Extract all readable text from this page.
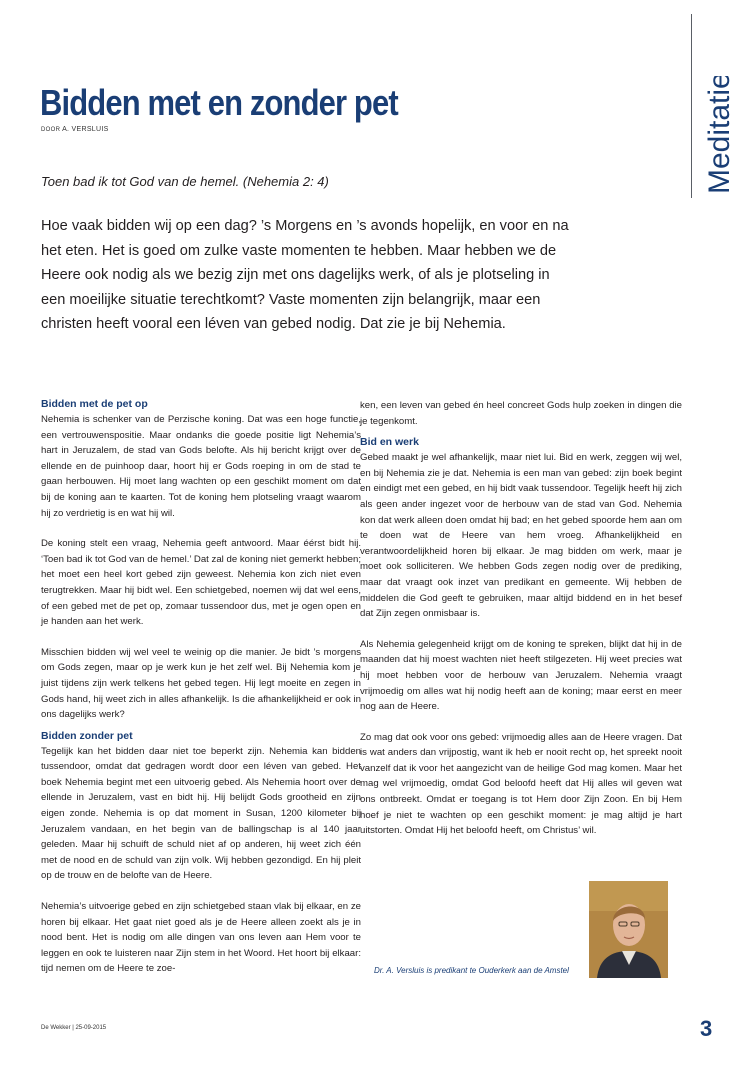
Meditatie
Bidden met en zonder pet
DOOR A. VERSLUIS
Toen bad ik tot God van de hemel. (Nehemia 2: 4)

Hoe vaak bidden wij op een dag? ’s Morgens en ’s avonds hopelijk, en voor en na het eten. Het is goed om zulke vaste momenten te hebben. Maar hebben we de Heere ook nodig als we bezig zijn met ons dagelijks werk, of als je plotseling in een moeilijke situatie terechtkomt? Vaste momenten zijn belangrijk, maar een christen heeft vooral een léven van gebed nodig. Dat zie je bij Nehemia.

Bidden met de pet op

Nehemia is schenker van de Perzische koning. Dat was een hoge functie, een vertrouwenspositie. Maar ondanks die goede positie ligt Nehemia’s hart in Jeruzalem, de stad van Gods belofte. Als hij bericht krijgt over de ellende en de puinhoop daar, hoort hij er Gods roeping in om de stad te gaan herbouwen. Hij moet lang wachten op een geschikt moment om dat bij de koning aan te kaarten. Tot de koning hem plotseling vraagt waarom hij zo verdrietig is en wat hij wil.

De koning stelt een vraag, Nehemia geeft antwoord. Maar éérst bidt hij. ‘Toen bad ik tot God van de hemel.’ Dat zal de koning niet gemerkt hebben; het moet een heel kort gebed zijn geweest. Nehemia kon zich niet even terugtrekken. Maar hij bidt wel. Een schietgebed, noemen wij dat wel eens, of een gebed met de pet op, zomaar tussendoor dus, met je ogen open en je handen aan het werk.

Misschien bidden wij wel veel te weinig op die manier. Je bidt ’s morgens om Gods zegen, maar op je werk kun je het zelf wel. Bij Nehemia kom je juist tijdens zijn werk telkens het gebed tegen. Hij legt moeite en zegen in Gods hand, hij weet zich in alles afhankelijk. Is die afhankelijkheid er ook in ons dagelijks werk?

Bidden zonder pet

Tegelijk kan het bidden daar niet toe beperkt zijn. Nehemia kan bidden tussendoor, omdat dat gedragen wordt door een léven van gebed. Het boek Nehemia begint met een uitvoerig gebed. Als Nehemia hoort over de ellende in Jeruzalem, vast en bidt hij. Hij belijdt Gods grootheid en zijn eigen zonde. Nehemia is op dat moment in Susan, 1200 kilometer bij Jeruzalem vandaan, en het begin van de ballingschap is al 140 jaar geleden. Maar hij schuift de schuld niet af op anderen, hij weet zich één met de nood en de schuld van zijn volk. Wij hebben gezondigd. En hij pleit op de trouw en de belofte van de Heere.

Nehemia’s uitvoerige gebed en zijn schietgebed staan vlak bij elkaar, en ze horen bij elkaar. Het gaat niet goed als je de Heere alleen zoekt als je in nood bent. Het is nodig om alle dingen van ons leven aan Hem voor te leggen en ook te luisteren naar Zijn stem in het Woord. Het hoort bij elkaar: tijd nemen om de Heere te zoe-

ken, een leven van gebed én heel concreet Gods hulp zoeken in dingen die je tegenkomt.

Bid en werk

Gebed maakt je wel afhankelijk, maar niet lui. Bid en werk, zeggen wij wel, en bij Nehemia zie je dat. Nehemia is een man van gebed: zijn boek begint en eindigt met een gebed, en hij bidt vaak tussendoor. Tegelijk heeft hij zich als geen ander ingezet voor de herbouw van de stad van God. Nehemia kon dat werk alleen doen omdat hij bad; en het gebed spoorde hem aan om te doen wat de Heere van hem vroeg. Afhankelijkheid en verantwoordelijkheid horen bij elkaar. Je mag bidden om werk, maar je moet ook solliciteren. We hebben Gods zegen nodig over de prediking, maar dat vraagt ook inzet van predikant en gemeente. Wij hebben de middelen die God geeft te gebruiken, maar altijd biddend en in het besef dat Zijn zegen onmisbaar is.

Als Nehemia gelegenheid krijgt om de koning te spreken, blijkt dat hij in de maanden dat hij moest wachten niet heeft stilgezeten. Hij weet precies wat hij moet hebben voor de herbouw van Jeruzalem. Nehemia vraagt vrijmoedig om alles wat hij nodig heeft aan de koning; maar eerst en meer nog aan de Heere.

Zo mag dat ook voor ons gebed: vrijmoedig alles aan de Heere vragen. Dat is wat anders dan vrijpostig, want ik heb er nooit recht op, het spreekt nooit vanzelf dat ik voor het aangezicht van de heilige God mag komen. Maar het mag wel vrijmoedig, omdat God beloofd heeft dat Hij alles wil geven wat ons ontbreekt. Omdat er toegang is tot Hem door Zijn Zoon. En bij Hem hoef je niet te wachten op een geschikt moment: je mag altijd je hart uitstorten. Omdat Hij het beloofd heeft, om Christus’ wil.

Dr. A. Versluis is predikant te Ouderkerk aan de Amstel
De Wekker | 25-09-2015	3
